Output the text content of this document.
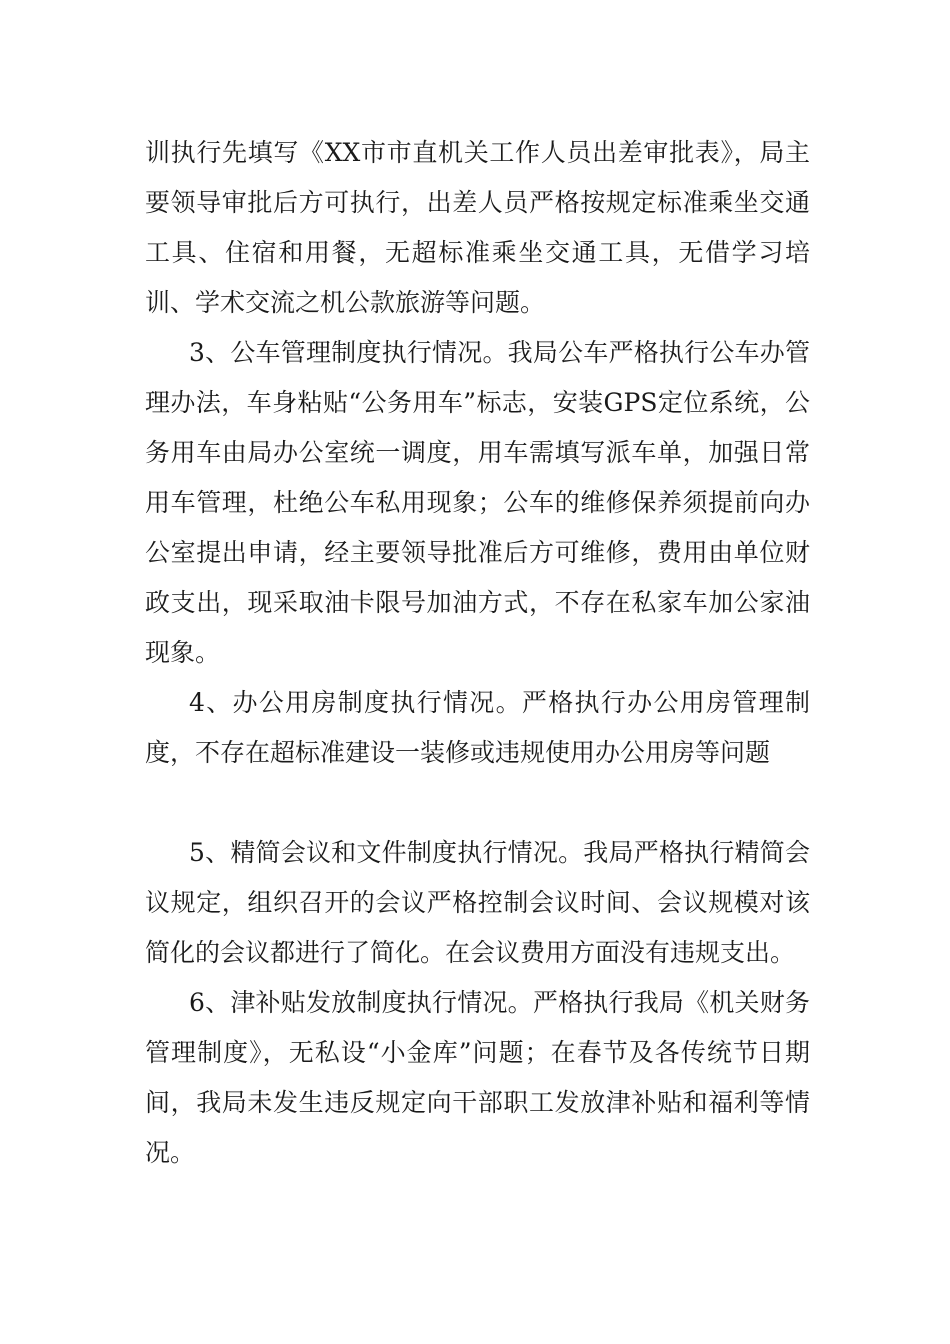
训执行先填写《XX市市直机关工作人员出差审批表》，局主要领导审批后方可执行，出差人员严格按规定标准乘坐交通工具、住宿和用餐，无超标准乘坐交通工具，无借学习培训、学术交流之机公款旅游等问题。

3、公车管理制度执行情况。我局公车严格执行公车办管理办法，车身粘贴“公务用车”标志，安装GPS定位系统，公务用车由局办公室统一调度，用车需填写派车单，加强日常用车管理，杜绝公车私用现象；公车的维修保养须提前向办公室提出申请，经主要领导批准后方可维修，费用由单位财政支出，现采取油卡限号加油方式，不存在私家车加公家油现象。

4、办公用房制度执行情况。严格执行办公用房管理制度，不存在超标准建设一装修或违规使用办公用房等问题

5、精简会议和文件制度执行情况。我局严格执行精简会议规定，组织召开的会议严格控制会议时间、会议规模对该简化的会议都进行了简化。在会议费用方面没有违规支出。

6、津补贴发放制度执行情况。严格执行我局《机关财务管理制度》，无私设“小金库”问题；在春节及各传统节日期间，我局未发生违反规定向干部职工发放津补贴和福利等情况。
